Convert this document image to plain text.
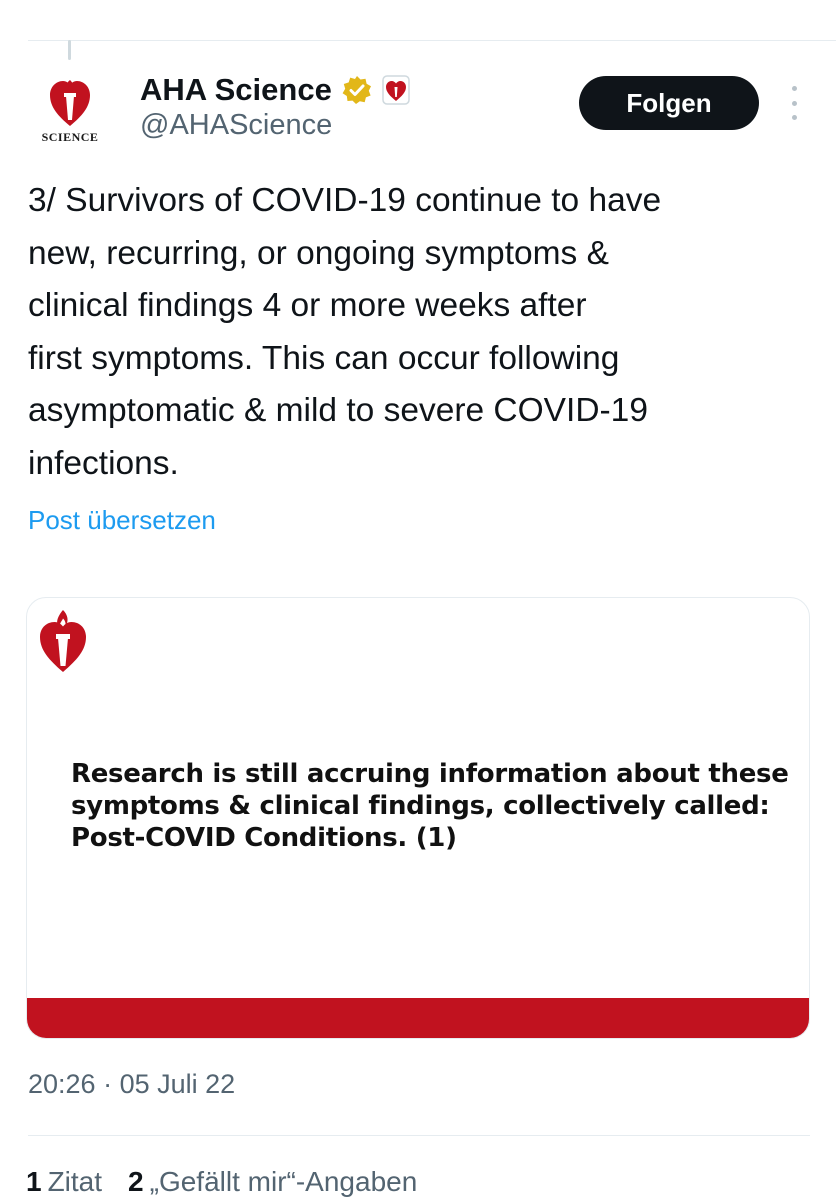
SCIENCE
AHA Science
@AHAScience
Folgen
3/ Survivors of COVID-19 continue to have
new, recurring, or ongoing symptoms &
clinical findings 4 or more weeks after
first symptoms. This can occur following
asymptomatic & mild to severe COVID-19
infections.
Post übersetzen
Research is still accruing information about these symptoms & clinical findings, collectively called: Post-COVID Conditions. (1)
20:26 · 05 Juli 22
1 Zitat 2 „Gefällt mir“-Angaben
